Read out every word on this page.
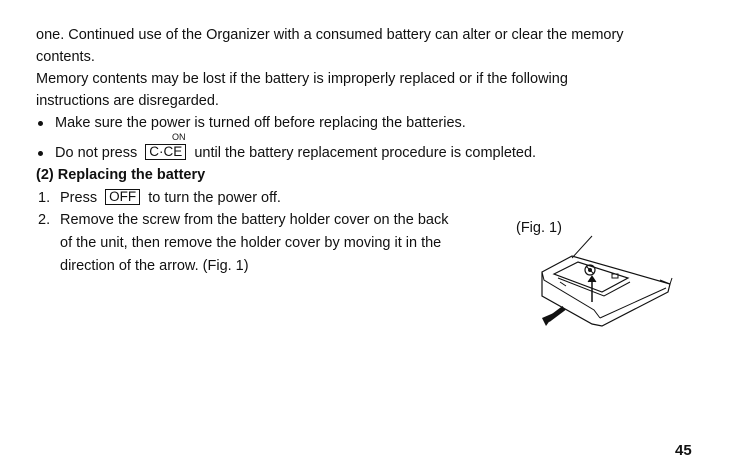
one. Continued use of the Organizer with a consumed battery can alter or clear the memory
contents.
Memory contents may be lost if the battery is improperly replaced or if the following
instructions are disregarded.
Make sure the power is turned off before replacing the batteries.
ON
Do not press C·CE until the battery replacement procedure is completed.
(2) Replacing the battery
1. Press OFF to turn the power off.
2. Remove the screw from the battery holder cover on the back
of the unit, then remove the holder cover by moving it in the
direction of the arrow. (Fig. 1)
(Fig. 1)
45
